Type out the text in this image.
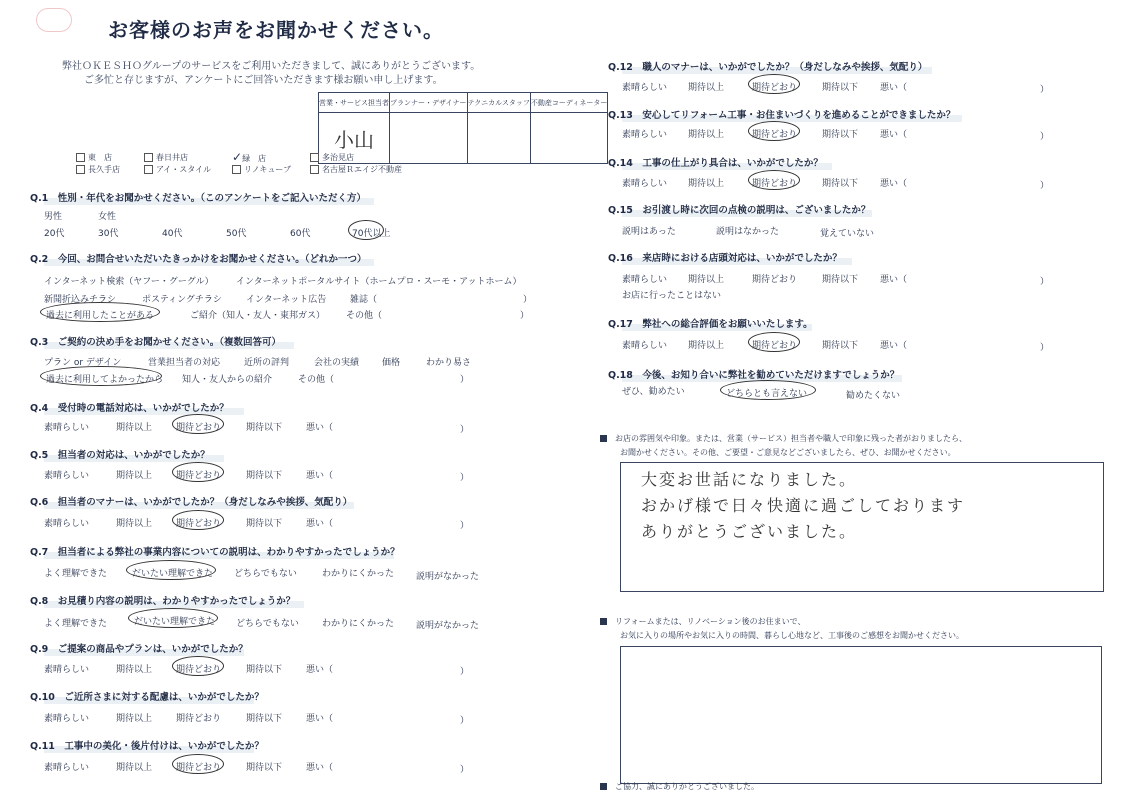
お客様のお声をお聞かせください。
弊社ＯＫＥＳＨＯグループのサービスをご利用いただきまして、誠にありがとうございます。
ご多忙と存じますが、アンケートにご回答いただきます様お願い申し上げます。
営業・サービス担当者	プランナー・デザイナー	テクニカルスタッフ	不動産コーディネーター
小山			
東　店	春日井店	✓緑　店	多治見店
長久手店	アイ・スタイル	リノキューブ	名古屋Ｒエイジ不動産
Q.1　性別・年代をお聞かせください。（このアンケートをご記入いただく方）
男性	女性
20代	30代	40代	50代	60代	70代以上
Q.2　今回、お問合せいただいたきっかけをお聞かせください。（どれか一つ）
インターネット検索（ヤフー・グーグル） インターネットポータルサイト（ホームプロ・スーモ・アットホーム）
新聞折込みチラシ	ポスティングチラシ	インターネット広告	雑誌（	）
過去に利用したことがある	ご紹介（知人・友人・東邦ガス） その他（	）
Q.3　ご契約の決め手をお聞かせください。（複数回答可）
プラン or デザイン	営業担当者の対応	近所の評判	会社の実績	価格	わかり易さ
過去に利用してよかったから 知人・友人からの紹介	その他（	）
Q.4　受付時の電話対応は、いかがでしたか？
素晴らしい	期待以上	期待どおり	期待以下	悪い（	）
Q.5　担当者の対応は、いかがでしたか？
素晴らしい	期待以上	期待どおり	期待以下	悪い（	）
Q.6　担当者のマナーは、いかがでしたか？（身だしなみや挨拶、気配り）
素晴らしい	期待以上	期待どおり	期待以下	悪い（	）
Q.7　担当者による弊社の事業内容についての説明は、わかりやすかったでしょうか？
よく理解できた	だいたい理解できた どちらでもない	わかりにくかった 説明がなかった
Q.8　お見積り内容の説明は、わかりやすかったでしょうか？
よく理解できた	だいたい理解できた どちらでもない	わかりにくかった 説明がなかった
Q.9　ご提案の商品やプランは、いかがでしたか？
素晴らしい	期待以上	期待どおり	期待以下	悪い（	）
Q.10　ご近所さまに対する配慮は、いかがでしたか？
素晴らしい	期待以上	期待どおり	期待以下	悪い（	）
Q.11　工事中の美化・後片付けは、いかがでしたか？
素晴らしい	期待以上	期待どおり	期待以下	悪い（	）
Q.12　職人のマナーは、いかがでしたか？（身だしなみや挨拶、気配り）
素晴らしい 期待以上	期待どおり	期待以下 悪い（	）
Q.13　安心してリフォーム工事・お住まいづくりを進めることができましたか？
素晴らしい 期待以上	期待どおり	期待以下 悪い（	）
Q.14　工事の仕上がり具合は、いかがでしたか？
素晴らしい 期待以上	期待どおり	期待以下 悪い（	）
Q.15　お引渡し時に次回の点検の説明は、ございましたか？
説明はあった	説明はなかった	覚えていない
Q.16　来店時における店頭対応は、いかがでしたか？
素晴らしい 期待以上	期待どおり	期待以下 悪い（	）
お店に行ったことはない
Q.17　弊社への総合評価をお願いいたします。
素晴らしい 期待以上	期待どおり	期待以下 悪い（	）
Q.18　今後、お知り合いに弊社を勧めていただけますでしょうか？
ぜひ、勧めたい	どちらとも言えない	勧めたくない
お店の雰囲気や印象。または、営業（サービス）担当者や職人で印象に残った者がおりましたら、
お聞かせください。その他、ご要望・ご意見などございましたら、ぜひ、お聞かせください。
大変お世話になりました。
おかげ様で日々快適に過ごしております
ありがとうございました。
リフォームまたは、リノベーション後のお住まいで、
お気に入りの場所やお気に入りの時間、暮らし心地など、工事後のご感想をお聞かせください。
ご協力、誠にありがとうございました。
